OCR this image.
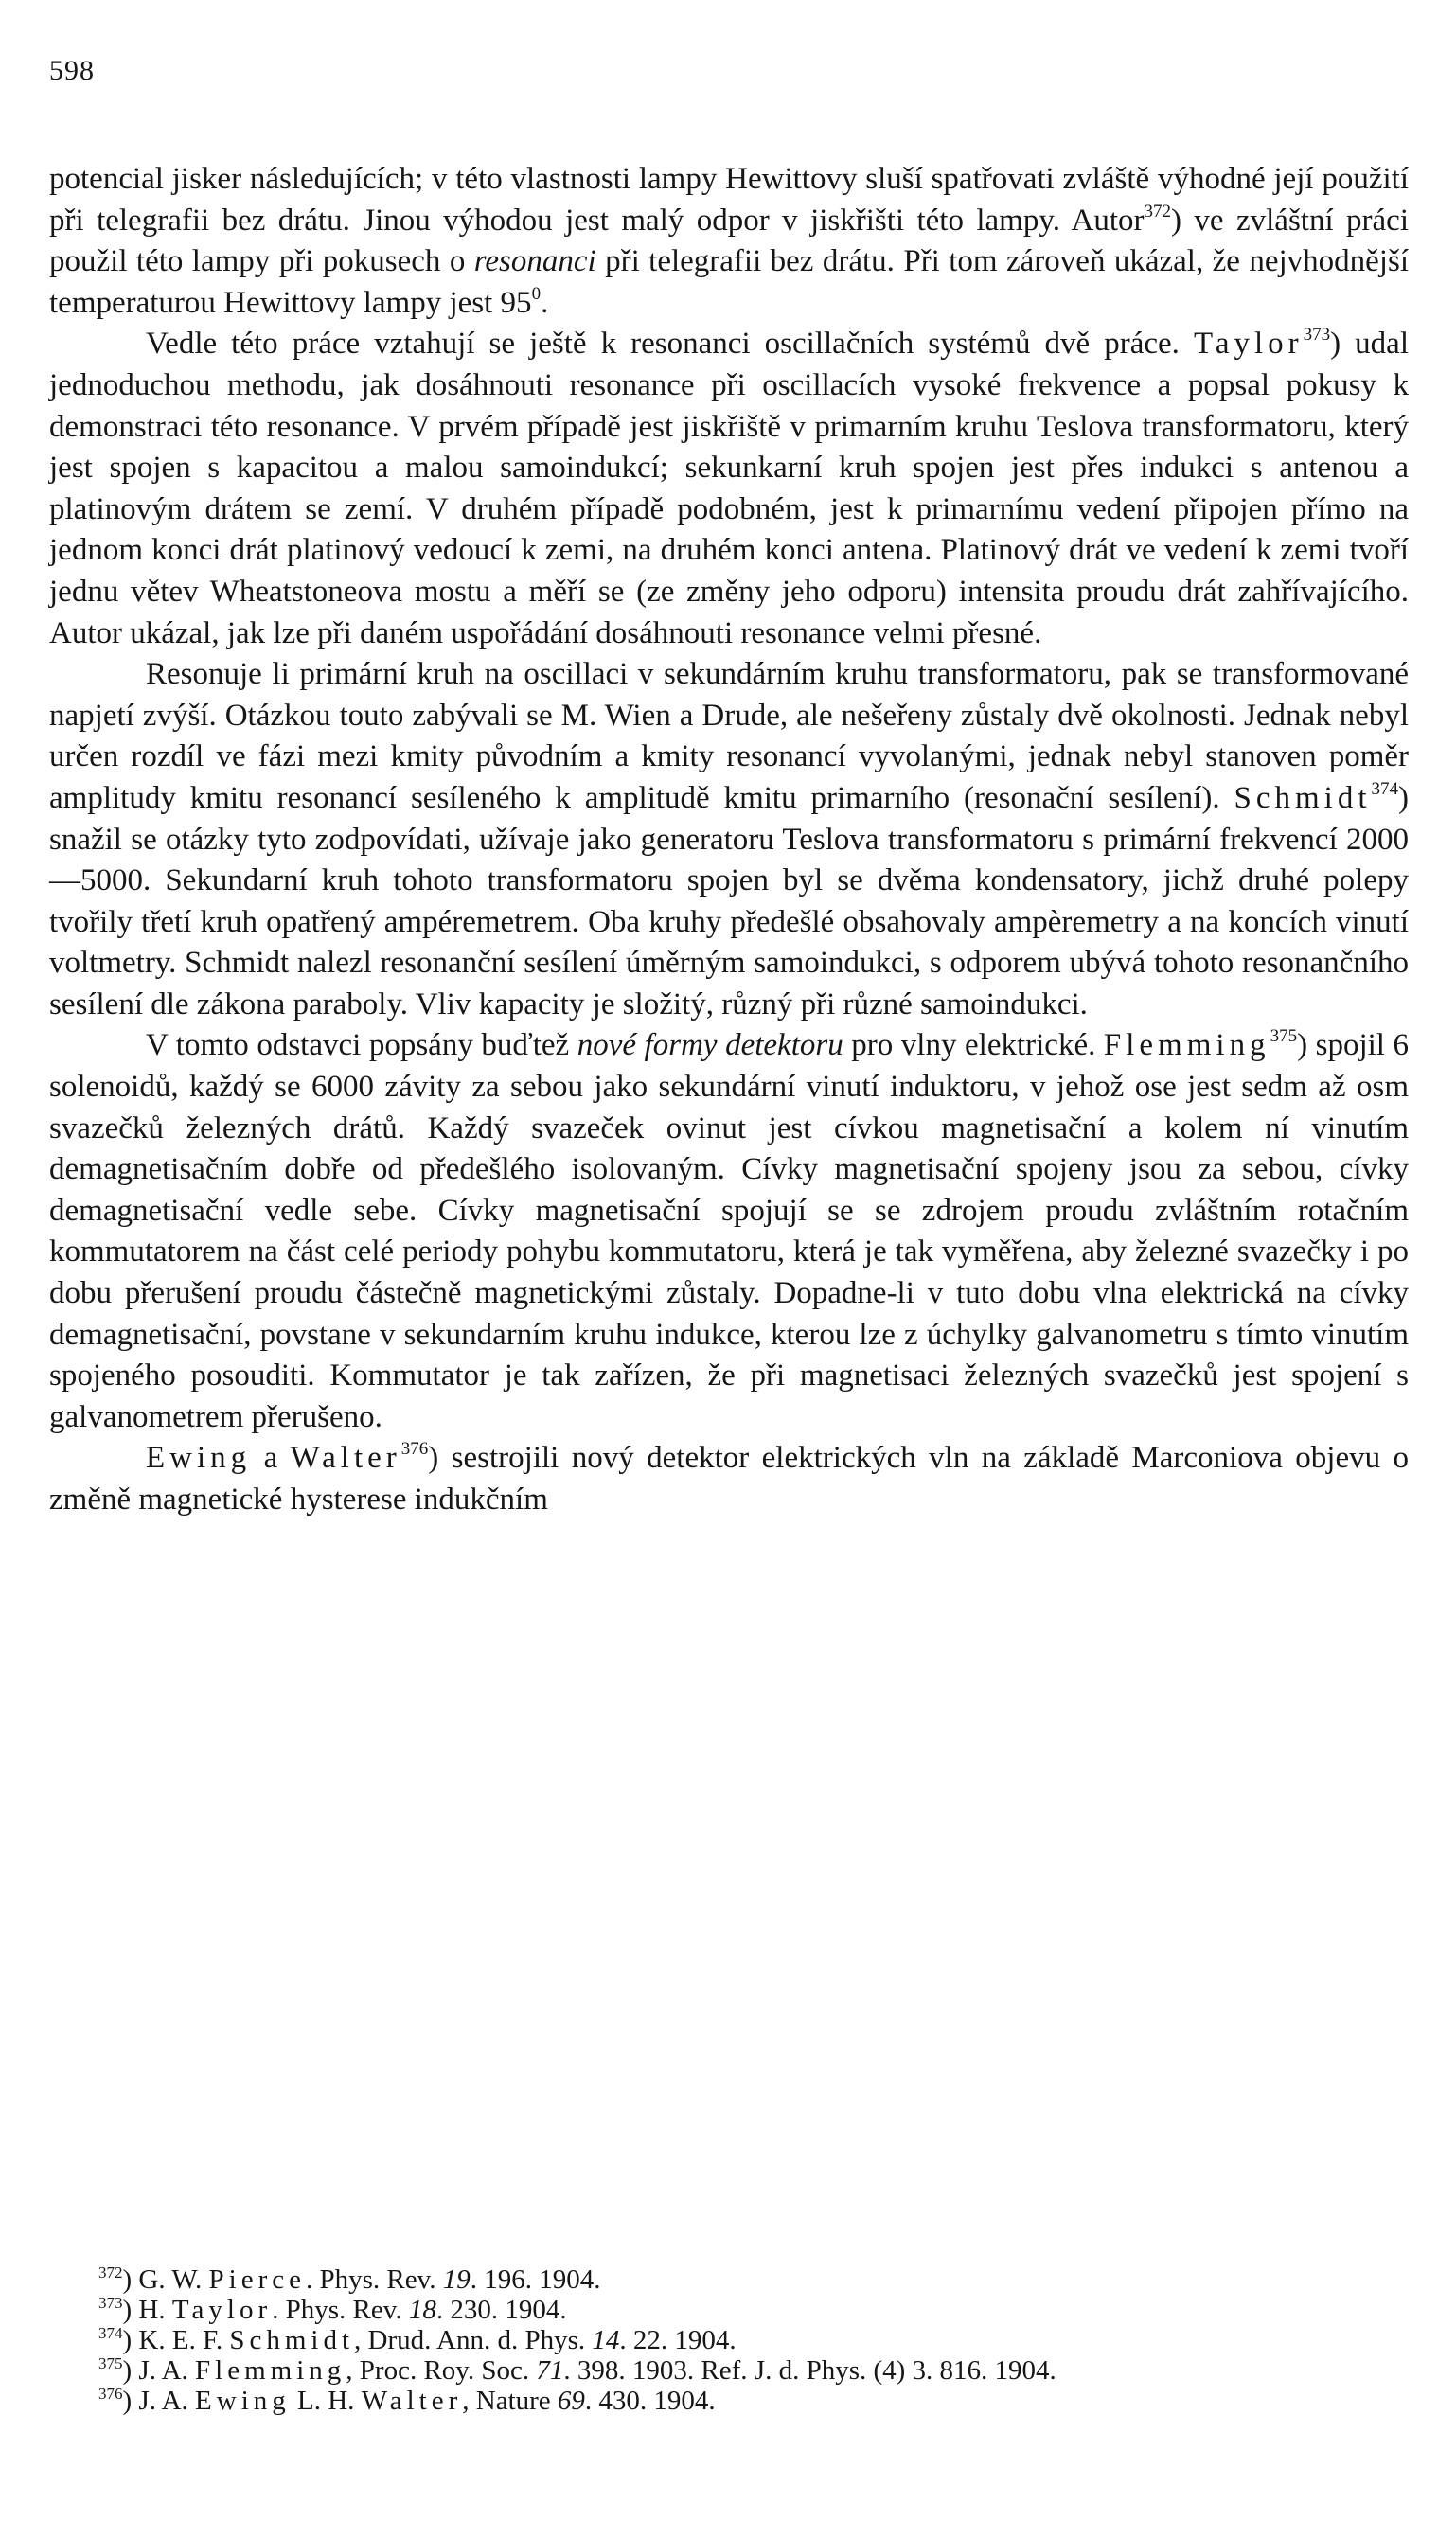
598

potencial jisker následujících; v této vlastnosti lampy Hewittovy sluší spatřovati zvláště výhodné její použití při telegrafii bez drátu. Jinou výhodou jest malý odpor v jiskřišti této lampy. Autor$^{372}$) ve zvláštní práci použil této lampy při pokusech o resonanci při telegrafii bez drátu. Při tom zároveň ukázal, že nejvhodnější temperaturou Hewittovy lampy jest $95^0$.

Vedle této práce vztahují se ještě k resonanci oscillačních systémů dvě práce. Taylor$^{373}$) udal jednoduchou methodu, jak dosáhnouti resonance při oscillacích vysoké frekvence a popsal pokusy k demonstraci této resonance. V prvém případě jest jiskřiště v primarním kruhu Teslova transformatoru, který jest spojen s kapacitou a malou samoindukcí; sekunkarní kruh spojen jest přes indukci s antenou a platinovým drátem se zemí. V druhém případě podobném, jest k primarnímu vedení připojen přímo na jednom konci drát platinový vedoucí k zemi, na druhém konci antena. Platinový drát ve vedení k zemi tvoří jednu větev Wheatstoneova mostu a měří se (ze změny jeho odporu) intensita proudu drát zahřívajícího. Autor ukázal, jak lze při daném uspořádání dosáhnouti resonance velmi přesné.

Resonuje li primární kruh na oscillaci v sekundárním kruhu transformatoru, pak se transformované napjetí zvýší. Otázkou touto zabývali se M. Wien a Drude, ale nešeřeny zůstaly dvě okolnosti. Jednak nebyl určen rozdíl ve fázi mezi kmity původním a kmity resonancí vyvolanými, jednak nebyl stanoven poměr amplitudy kmitu resonancí sesíleného k amplitudě kmitu primarního (resonační sesílení). Schmidt$^{374}$) snažil se otázky tyto zodpovídati, užívaje jako generatoru Teslova transformatoru s primární frekvencí 2000—5000. Sekundarní kruh tohoto transformatoru spojen byl se dvěma kondensatory, jichž druhé polepy tvořily třetí kruh opatřený ampéremetrem. Oba kruhy předešlé obsahovaly ampèremetry a na koncích vinutí voltmetry. Schmidt nalezl resonanční sesílení úměrným samoindukci, s odporem ubývá tohoto resonančního sesílení dle zákona paraboly. Vliv kapacity je složitý, různý při různé samoindukci.

V tomto odstavci popsány buďtež nové formy detektoru pro vlny elektrické. Flemming$^{375}$) spojil 6 solenoidů, každý se 6000 závity za sebou jako sekundární vinutí induktoru, v jehož ose jest sedm až osm svazečků železných drátů. Každý svazeček ovinut jest cívkou magnetisační a kolem ní vinutím demagnetisačním dobře od předešlého isolovaným. Cívky magnetisační spojeny jsou za sebou, cívky demagnetisační vedle sebe. Cívky magnetisační spojují se se zdrojem proudu zvláštním rotačním kommutatorem na část celé periody pohybu kommutatoru, která je tak vyměřena, aby železné svazečky i po dobu přerušení proudu částečně magnetickými zůstaly. Dopadne-li v tuto dobu vlna elektrická na cívky demagnetisační, povstane v sekundarním kruhu indukce, kterou lze z úchylky galvanometru s tímto vinutím spojeného posouditi. Kommutator je tak zařízen, že při magnetisaci železných svazečků jest spojení s galvanometrem přerušeno.

Ewing a Walter$^{376}$) sestrojili nový detektor elektrických vln na základě Marconiova objevu o změně magnetické hysterese indukčním

$^{372}$) G. W. Pierce. Phys. Rev. 19. 196. 1904.

$^{373}$) H. Taylor. Phys. Rev. 18. 230. 1904.

$^{374}$) K. E. F. Schmidt, Drud. Ann. d. Phys. 14. 22. 1904.

$^{375}$) J. A. Flemming, Proc. Roy. Soc. 71. 398. 1903. Ref. J. d. Phys. (4) 3. 816. 1904.

$^{376}$) J. A. Ewing L. H. Walter, Nature 69. 430. 1904.
